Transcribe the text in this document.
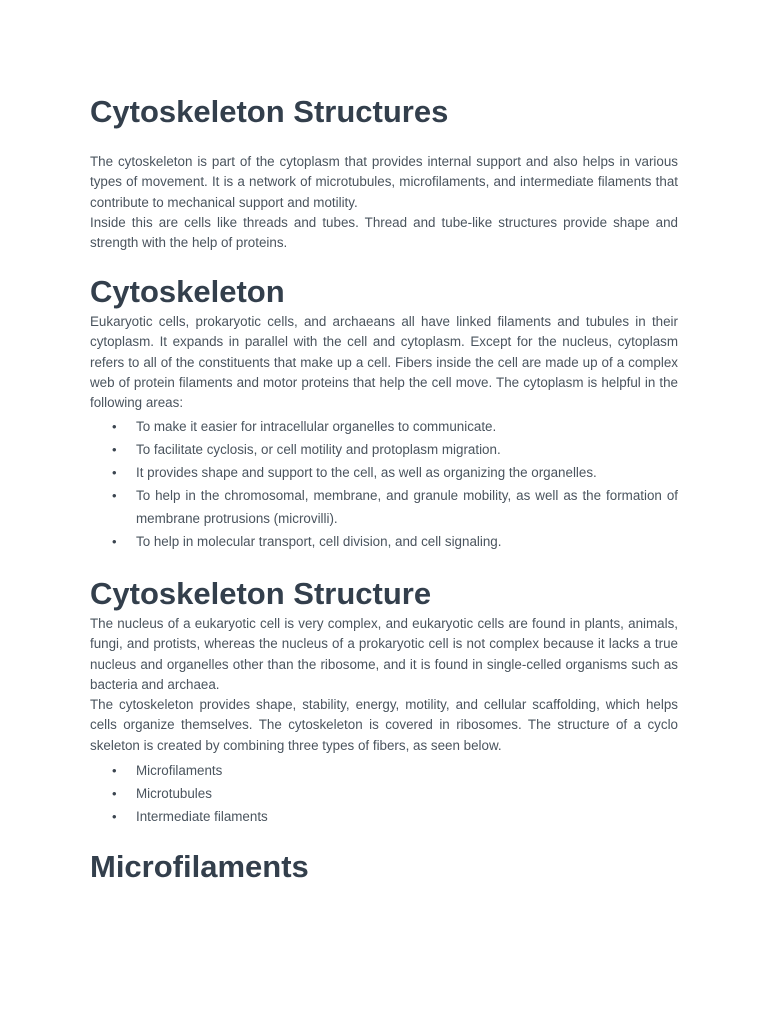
Cytoskeleton Structures

The cytoskeleton is part of the cytoplasm that provides internal support and also helps in various types of movement. It is a network of microtubules, microfilaments, and intermediate filaments that contribute to mechanical support and motility.

Inside this are cells like threads and tubes. Thread and tube-like structures provide shape and strength with the help of proteins.

Cytoskeleton

Eukaryotic cells, prokaryotic cells, and archaeans all have linked filaments and tubules in their cytoplasm. It expands in parallel with the cell and cytoplasm. Except for the nucleus, cytoplasm refers to all of the constituents that make up a cell. Fibers inside the cell are made up of a complex web of protein filaments and motor proteins that help the cell move. The cytoplasm is helpful in the following areas:

• To make it easier for intracellular organelles to communicate.
• To facilitate cyclosis, or cell motility and protoplasm migration.
• It provides shape and support to the cell, as well as organizing the organelles.
• To help in the chromosomal, membrane, and granule mobility, as well as the formation of membrane protrusions (microvilli).
• To help in molecular transport, cell division, and cell signaling.
Cytoskeleton Structure

The nucleus of a eukaryotic cell is very complex, and eukaryotic cells are found in plants, animals, fungi, and protists, whereas the nucleus of a prokaryotic cell is not complex because it lacks a true nucleus and organelles other than the ribosome, and it is found in single-celled organisms such as bacteria and archaea.

The cytoskeleton provides shape, stability, energy, motility, and cellular scaffolding, which helps cells organize themselves. The cytoskeleton is covered in ribosomes. The structure of a cyclo skeleton is created by combining three types of fibers, as seen below.

• Microfilaments
• Microtubules
• Intermediate filaments
Microfilaments
